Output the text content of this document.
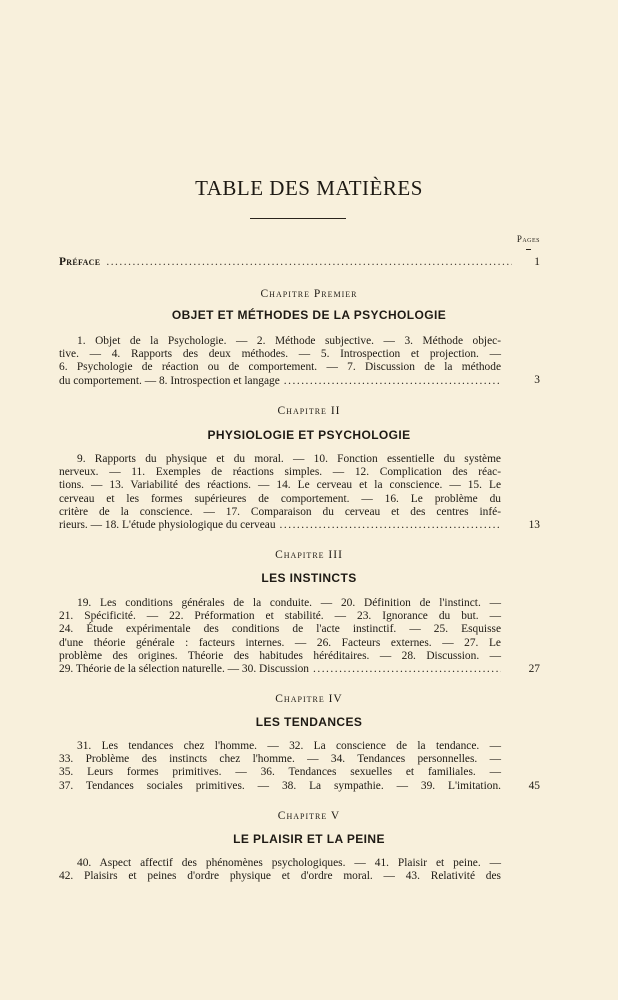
TABLE DES MATIÈRES
Pages
Préface .....	1
Chapitre Premier
OBJET ET MÉTHODES DE LA PSYCHOLOGIE
1. Objet de la Psychologie. — 2. Méthode subjective. — 3. Méthode objec-
tive. — 4. Rapports des deux méthodes. — 5. Introspection et projection. —
6. Psychologie de réaction ou de comportement. — 7. Discussion de la méthode
du comportement. — 8. Introspection et langage .....	3
Chapitre II
PHYSIOLOGIE ET PSYCHOLOGIE
9. Rapports du physique et du moral. — 10. Fonction essentielle du système
nerveux. — 11. Exemples de réactions simples. — 12. Complication des réac-
tions. — 13. Variabilité des réactions. — 14. Le cerveau et la conscience. — 15. Le
cerveau et les formes supérieures de comportement. — 16. Le problème du
critère de la conscience. — 17. Comparaison du cerveau et des centres infé-
rieurs. — 18. L'étude physiologique du cerveau .....	13
Chapitre III
LES INSTINCTS
19. Les conditions générales de la conduite. — 20. Définition de l'instinct. —
21. Spécificité. — 22. Préformation et stabilité. — 23. Ignorance du but. —
24. Étude expérimentale des conditions de l'acte instinctif. — 25. Esquisse
d'une théorie générale : facteurs internes. — 26. Facteurs externes. — 27. Le
problème des origines. Théorie des habitudes héréditaires. — 28. Discussion. —
29. Théorie de la sélection naturelle. — 30. Discussion .....	27
Chapitre IV
LES TENDANCES
31. Les tendances chez l'homme. — 32. La conscience de la tendance. —
33. Problème des instincts chez l'homme. — 34. Tendances personnelles. —
35. Leurs formes primitives. — 36. Tendances sexuelles et familiales. —
37. Tendances sociales primitives. — 38. La sympathie. — 39. L'imitation.	45
Chapitre V
LE PLAISIR ET LA PEINE
40. Aspect affectif des phénomènes psychologiques. — 41. Plaisir et peine. —
42. Plaisirs et peines d'ordre physique et d'ordre moral. — 43. Relativité des
